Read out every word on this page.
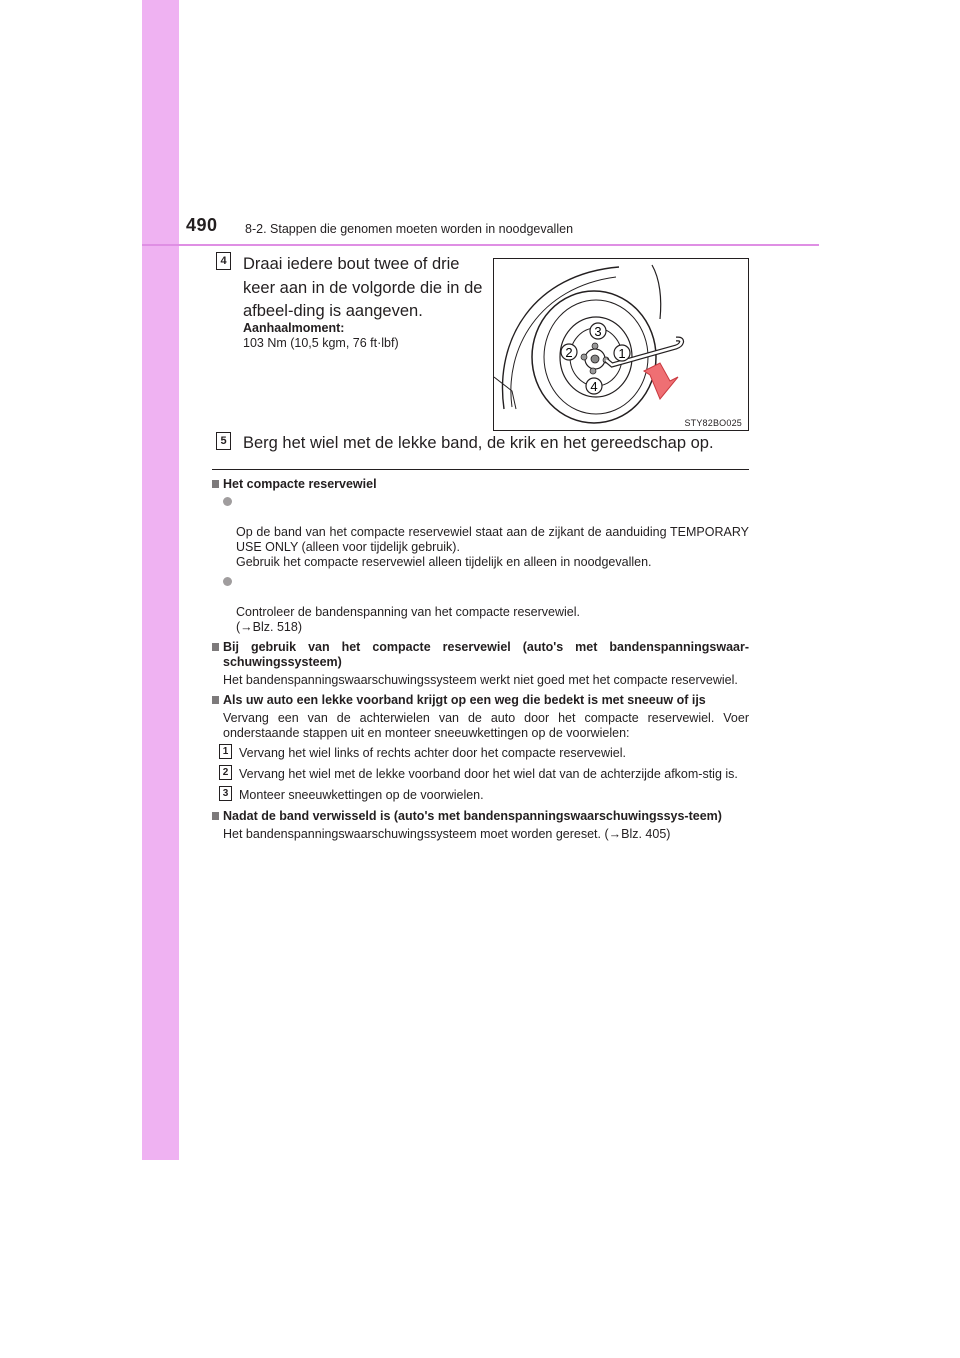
490 8-2. Stappen die genomen moeten worden in noodgevallen
4 Draai iedere bout twee of drie keer aan in de volgorde die in de afbeel-ding is aangeven.
Aanhaalmoment:
103 Nm (10,5 kgm, 76 ft·lbf)
1
2
3
4
STY82BO025
5 Berg het wiel met de lekke band, de krik en het gereedschap op.
Het compacte reservewiel

Op de band van het compacte reservewiel staat aan de zijkant de aanduiding TEMPORARY USE ONLY (alleen voor tijdelijk gebruik).
Gebruik het compacte reservewiel alleen tijdelijk en alleen in noodgevallen.

Controleer de bandenspanning van het compacte reservewiel.
(→Blz. 518)

Bij gebruik van het compacte reservewiel (auto's met bandenspanningswaar-schuwingssysteem)
Het bandenspanningswaarschuwingssysteem werkt niet goed met het compacte reservewiel.
Als uw auto een lekke voorband krijgt op een weg die bedekt is met sneeuw of ijs
Vervang een van de achterwielen van de auto door het compacte reservewiel. Voer onderstaande stappen uit en monteer sneeuwkettingen op de voorwielen:
1 Vervang het wiel links of rechts achter door het compacte reservewiel.
2 Vervang het wiel met de lekke voorband door het wiel dat van de achterzijde afkom-stig is.
3 Monteer sneeuwkettingen op de voorwielen.
Nadat de band verwisseld is (auto's met bandenspanningswaarschuwingssys-teem)
Het bandenspanningswaarschuwingssysteem moet worden gereset. (→Blz. 405)
